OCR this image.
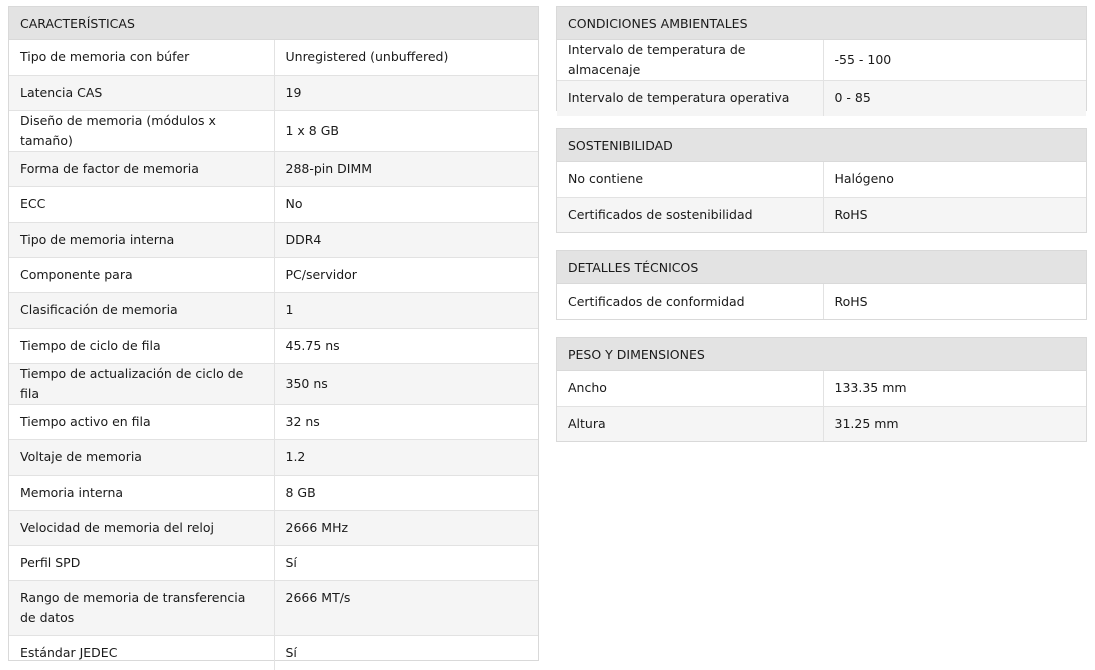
CARACTERÍSTICAS
Tipo de memoria con búfer	Unregistered (unbuffered)
Latencia CAS	19
Diseño de memoria (módulos x tamaño)	1 x 8 GB
Forma de factor de memoria	288-pin DIMM
ECC	No
Tipo de memoria interna	DDR4
Componente para	PC/servidor
Clasificación de memoria	1
Tiempo de ciclo de fila	45.75 ns
Tiempo de actualización de ciclo de fila	350 ns
Tiempo activo en fila	32 ns
Voltaje de memoria	1.2
Memoria interna	8 GB
Velocidad de memoria del reloj	2666 MHz
Perfil SPD	Sí
Rango de memoria de transferencia de datos	2666 MT/s
Estándar JEDEC	Sí
CONDICIONES AMBIENTALES
Intervalo de temperatura de almacenaje	-55 - 100
Intervalo de temperatura operativa	0 - 85
SOSTENIBILIDAD
No contiene	Halógeno
Certificados de sostenibilidad	RoHS
DETALLES TÉCNICOS
Certificados de conformidad	RoHS
PESO Y DIMENSIONES
Ancho	133.35 mm
Altura	31.25 mm
